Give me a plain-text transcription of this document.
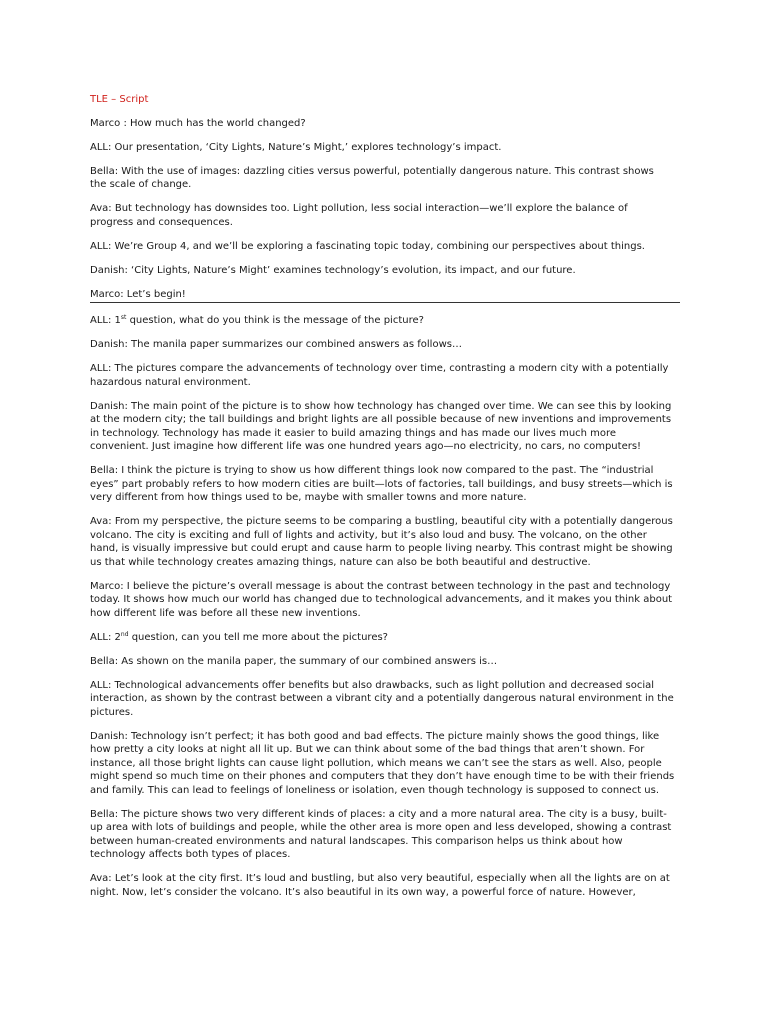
TLE – Script

Marco : How much has the world changed?

ALL: Our presentation, ‘City Lights, Nature’s Might,’ explores technology’s impact.

Bella: With the use of images: dazzling cities versus powerful, potentially dangerous nature. This contrast shows
the scale of change.

Ava: But technology has downsides too. Light pollution, less social interaction—we’ll explore the balance of
progress and consequences.

ALL: We’re Group 4, and we’ll be exploring a fascinating topic today, combining our perspectives about things.

Danish: ‘City Lights, Nature’s Might’ examines technology’s evolution, its impact, and our future.

Marco: Let’s begin!

ALL: 1st question, what do you think is the message of the picture?

Danish: The manila paper summarizes our combined answers as follows…

ALL: The pictures compare the advancements of technology over time, contrasting a modern city with a potentially
hazardous natural environment.

Danish: The main point of the picture is to show how technology has changed over time. We can see this by looking
at the modern city; the tall buildings and bright lights are all possible because of new inventions and improvements
in technology. Technology has made it easier to build amazing things and has made our lives much more
convenient. Just imagine how different life was one hundred years ago—no electricity, no cars, no computers!

Bella: I think the picture is trying to show us how different things look now compared to the past. The “industrial
eyes” part probably refers to how modern cities are built—lots of factories, tall buildings, and busy streets—which is
very different from how things used to be, maybe with smaller towns and more nature.

Ava: From my perspective, the picture seems to be comparing a bustling, beautiful city with a potentially dangerous
volcano. The city is exciting and full of lights and activity, but it’s also loud and busy. The volcano, on the other
hand, is visually impressive but could erupt and cause harm to people living nearby. This contrast might be showing
us that while technology creates amazing things, nature can also be both beautiful and destructive.

Marco: I believe the picture’s overall message is about the contrast between technology in the past and technology
today. It shows how much our world has changed due to technological advancements, and it makes you think about
how different life was before all these new inventions.

ALL: 2nd question, can you tell me more about the pictures?

Bella: As shown on the manila paper, the summary of our combined answers is…

ALL: Technological advancements offer benefits but also drawbacks, such as light pollution and decreased social
interaction, as shown by the contrast between a vibrant city and a potentially dangerous natural environment in the
pictures.

Danish: Technology isn’t perfect; it has both good and bad effects. The picture mainly shows the good things, like
how pretty a city looks at night all lit up. But we can think about some of the bad things that aren’t shown. For
instance, all those bright lights can cause light pollution, which means we can’t see the stars as well. Also, people
might spend so much time on their phones and computers that they don’t have enough time to be with their friends
and family. This can lead to feelings of loneliness or isolation, even though technology is supposed to connect us.

Bella: The picture shows two very different kinds of places: a city and a more natural area. The city is a busy, built-
up area with lots of buildings and people, while the other area is more open and less developed, showing a contrast
between human-created environments and natural landscapes. This comparison helps us think about how
technology affects both types of places.

Ava: Let’s look at the city first. It’s loud and bustling, but also very beautiful, especially when all the lights are on at
night. Now, let’s consider the volcano. It’s also beautiful in its own way, a powerful force of nature. However,
